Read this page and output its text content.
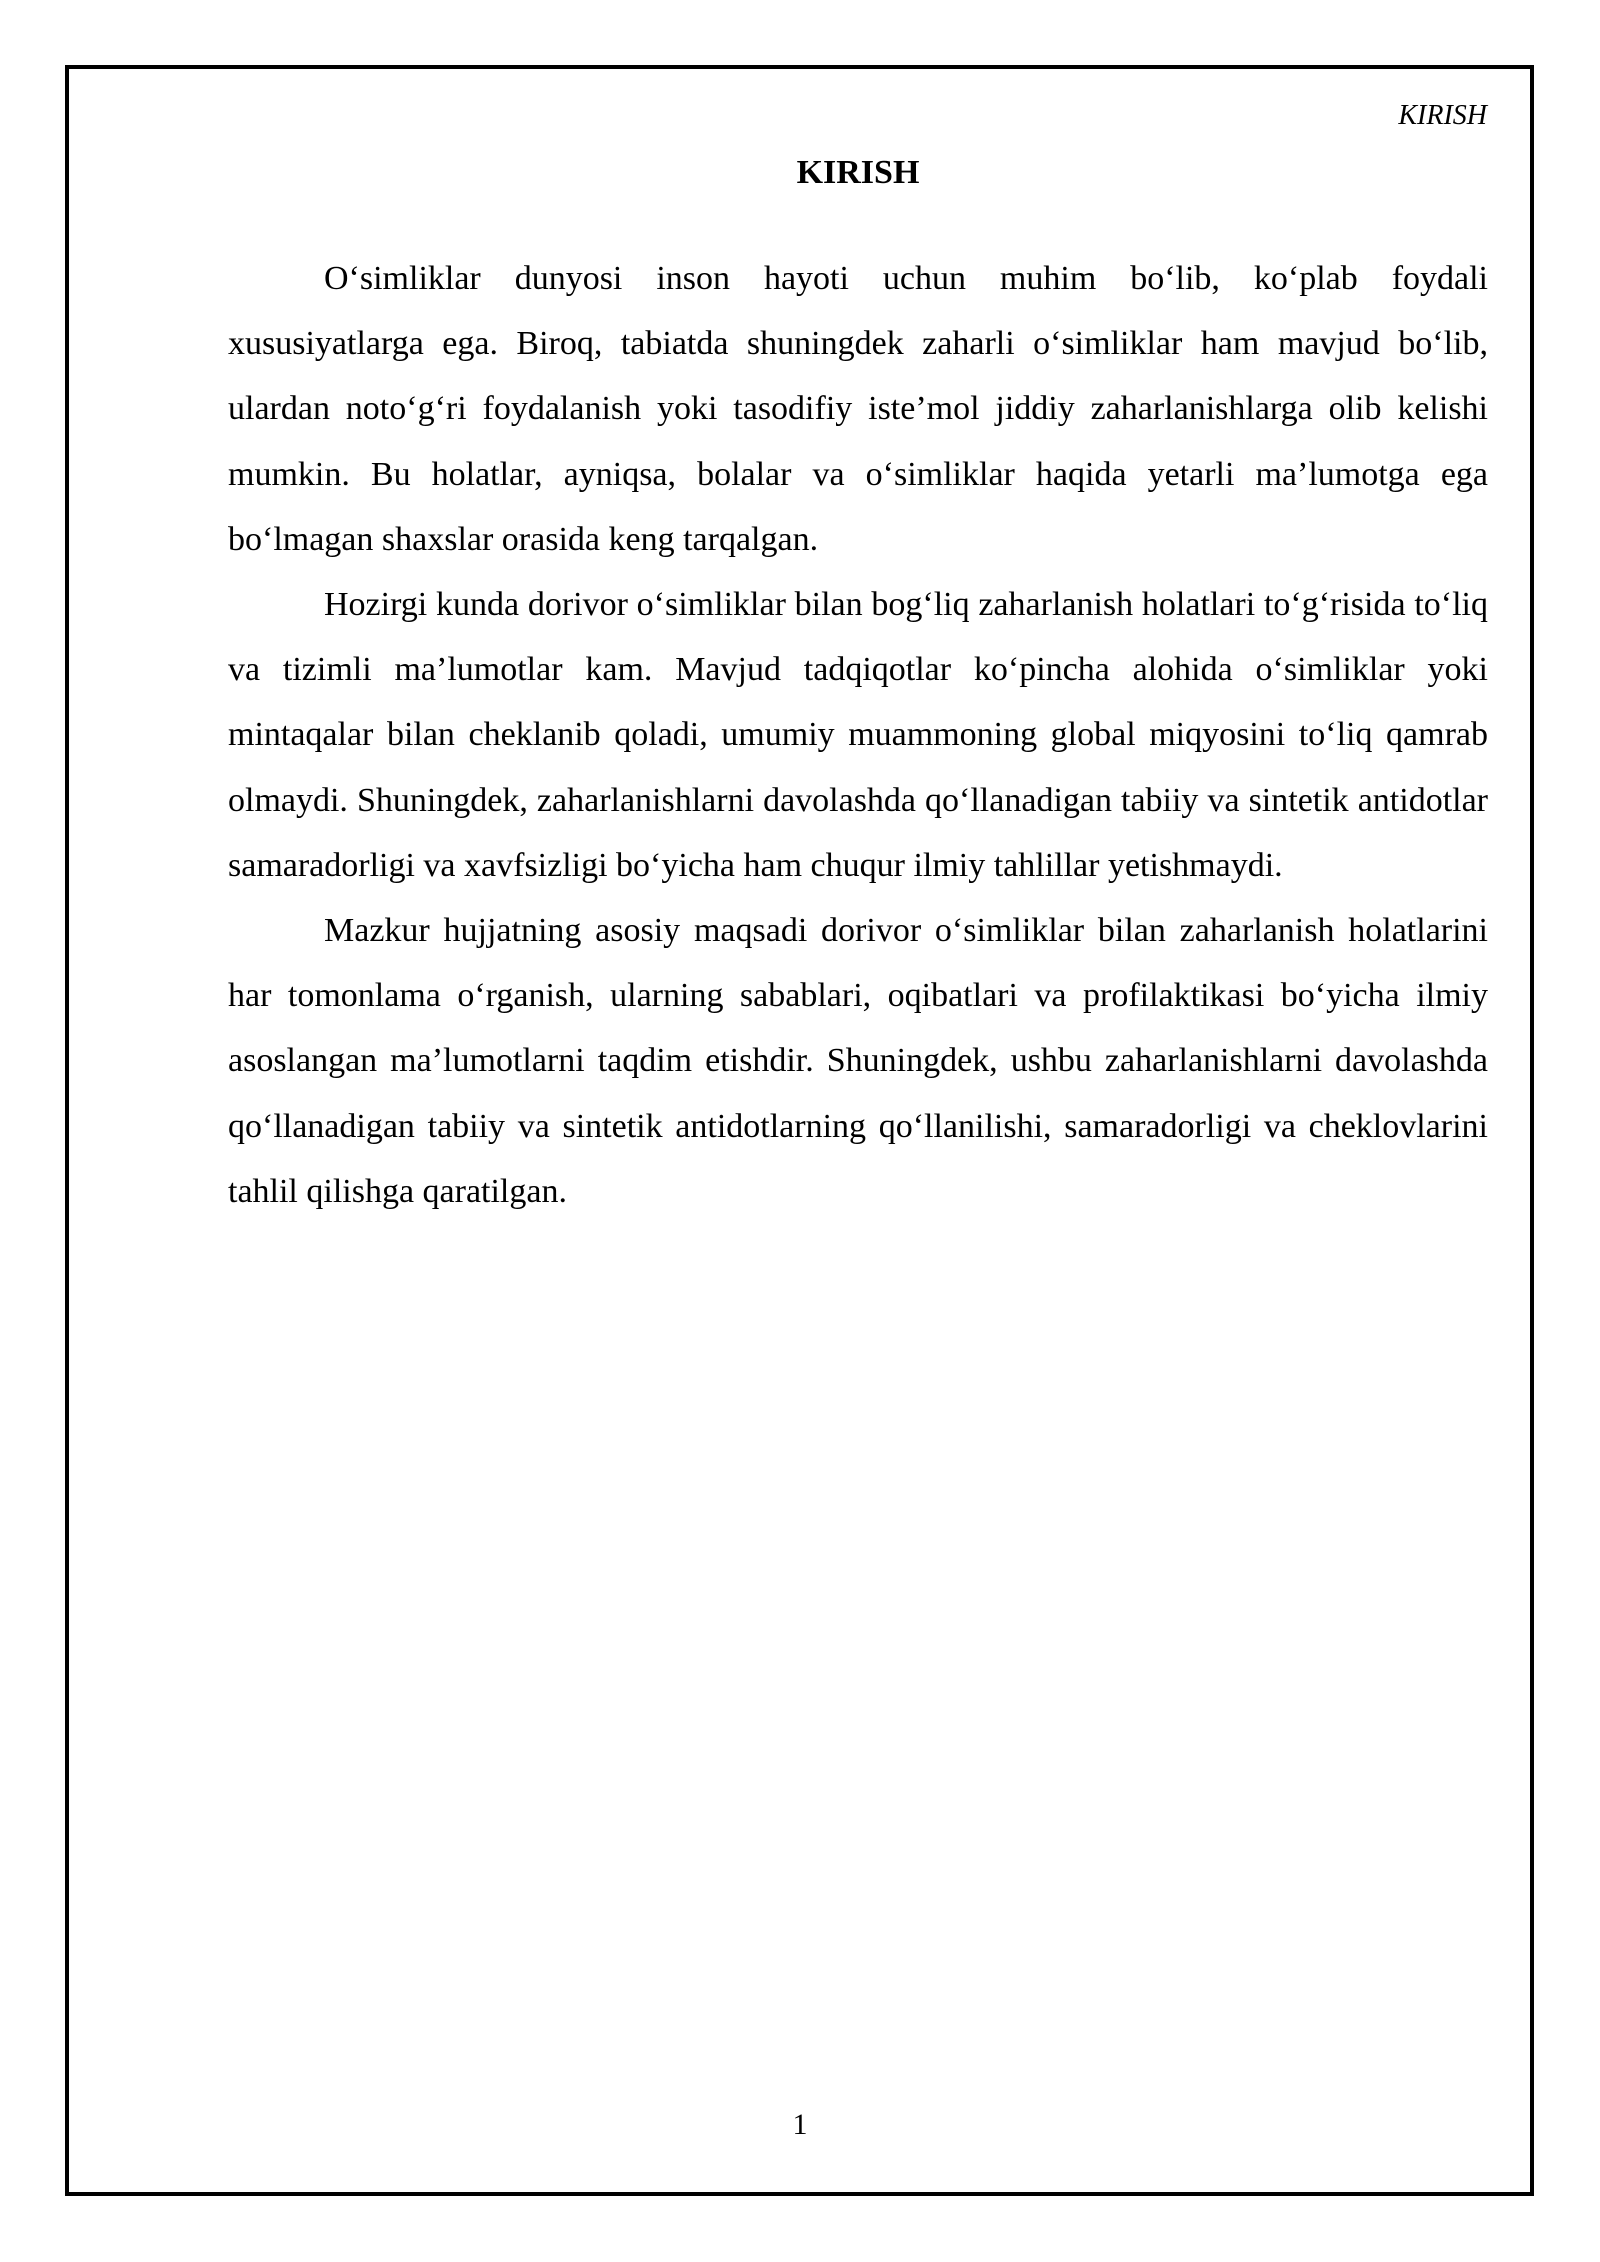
KIRISH
KIRISH

O‘simliklar dunyosi inson hayoti uchun muhim bo‘lib, ko‘plab foydali xususiyatlarga ega. Biroq, tabiatda shuningdek zaharli o‘simliklar ham mavjud bo‘lib, ulardan noto‘g‘ri foydalanish yoki tasodifiy iste’mol jiddiy zaharlanishlarga olib kelishi mumkin. Bu holatlar, ayniqsa, bolalar va o‘simliklar haqida yetarli ma’lumotga ega bo‘lmagan shaxslar orasida keng tarqalgan.

Hozirgi kunda dorivor o‘simliklar bilan bog‘liq zaharlanish holatlari to‘g‘risida to‘liq va tizimli ma’lumotlar kam. Mavjud tadqiqotlar ko‘pincha alohida o‘simliklar yoki mintaqalar bilan cheklanib qoladi, umumiy muammoning global miqyosini to‘liq qamrab olmaydi. Shuningdek, zaharlanishlarni davolashda qo‘llanadigan tabiiy va sintetik antidotlar samaradorligi va xavfsizligi bo‘yicha ham chuqur ilmiy tahlillar yetishmaydi.

Mazkur hujjatning asosiy maqsadi dorivor o‘simliklar bilan zaharlanish holatlarini har tomonlama o‘rganish, ularning sabablari, oqibatlari va profilaktikasi bo‘yicha ilmiy asoslangan ma’lumotlarni taqdim etishdir. Shuningdek, ushbu zaharlanishlarni davolashda qo‘llanadigan tabiiy va sintetik antidotlarning qo‘llanilishi, samaradorligi va cheklovlarini tahlil qilishga qaratilgan.

1
